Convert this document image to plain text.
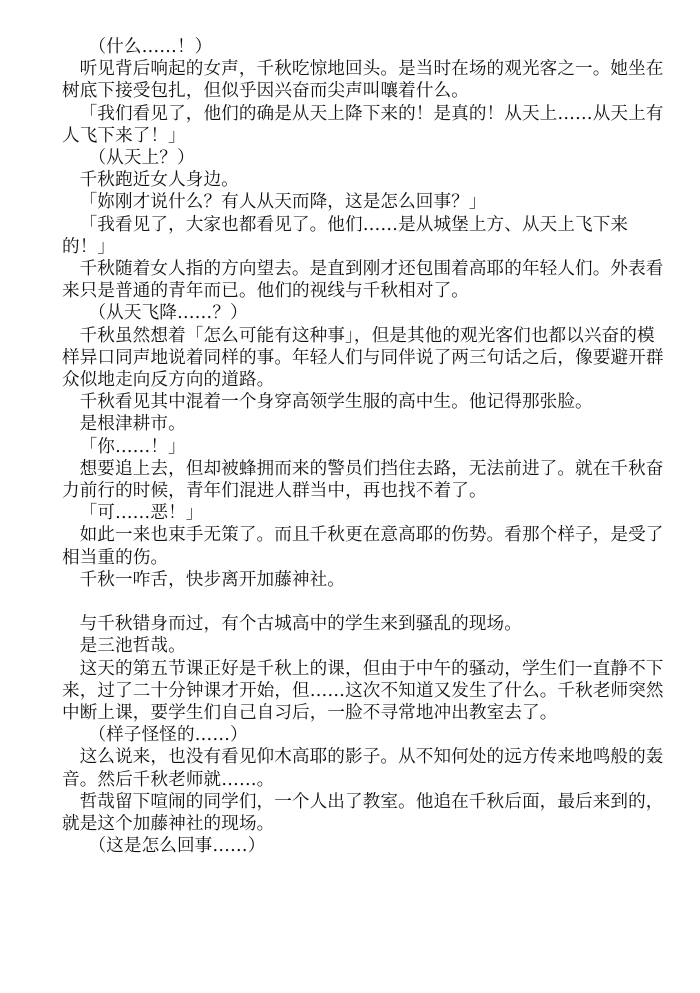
　（什么……！）

听见背后响起的女声，千秋吃惊地回头。是当时在场的观光客之一。她坐在树底下接受包扎，但似乎因兴奋而尖声叫嚷着什么。

「我们看见了，他们的确是从天上降下来的！是真的！从天上……从天上有人飞下来了！」

　（从天上？）

千秋跑近女人身边。

「妳刚才说什么？有人从天而降，这是怎么回事？」

「我看见了，大家也都看见了。他们……是从城堡上方、从天上飞下来的！」

千秋随着女人指的方向望去。是直到刚才还包围着高耶的年轻人们。外表看来只是普通的青年而已。他们的视线与千秋相对了。

　（从天飞降……？）

千秋虽然想着「怎么可能有这种事」，但是其他的观光客们也都以兴奋的模样异口同声地说着同样的事。年轻人们与同伴说了两三句话之后，像要避开群众似地走向反方向的道路。

千秋看见其中混着一个身穿高领学生服的高中生。他记得那张脸。

是根津耕市。

「你……！」

想要追上去，但却被蜂拥而来的警员们挡住去路，无法前进了。就在千秋奋力前行的时候，青年们混进人群当中，再也找不着了。

「可……恶！」

如此一来也束手无策了。而且千秋更在意高耶的伤势。看那个样子，是受了相当重的伤。

千秋一咋舌，快步离开加藤神社。

与千秋错身而过，有个古城高中的学生来到骚乱的现场。

是三池哲哉。

这天的第五节课正好是千秋上的课，但由于中午的骚动，学生们一直静不下来，过了二十分钟课才开始，但……这次不知道又发生了什么。千秋老师突然中断上课，要学生们自己自习后，一脸不寻常地冲出教室去了。

　（样子怪怪的……）

这么说来，也没有看见仰木高耶的影子。从不知何处的远方传来地鸣般的轰音。然后千秋老师就……。

哲哉留下喧闹的同学们，一个人出了教室。他追在千秋后面，最后来到的，就是这个加藤神社的现场。

　（这是怎么回事……）
